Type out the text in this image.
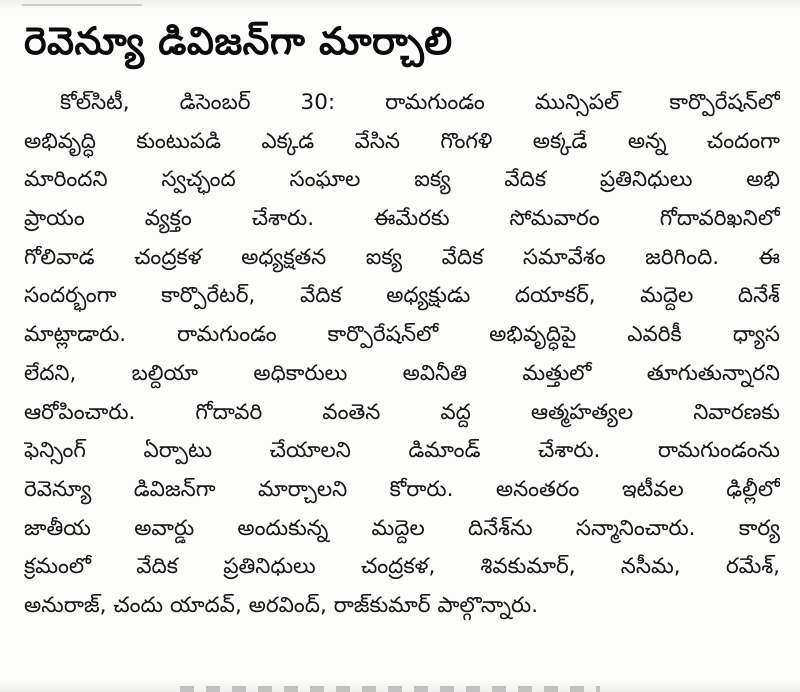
రెవెన్యూ డివిజన్‌గా మార్చాలి
కోల్‌సిటీ, డిసెంబర్ 30: రామగుండం మున్సిపల్ కార్పొరేషన్‌లో
అభివృద్ధి కుంటుపడి ఎక్కడ వేసిన గొంగళి అక్కడే అన్న చందంగా
మారిందని స్వచ్ఛంద సంఘాల ఐక్య వేదిక ప్రతినిధులు అభి
ప్రాయం వ్యక్తం చేశారు. ఈమేరకు సోమవారం గోదావరిఖనిలో
గోలివాడ చంద్రకళ అధ్యక్షతన ఐక్య వేదిక సమావేశం జరిగింది. ఈ
సందర్భంగా కార్పొరేటర్, వేదిక అధ్యక్షుడు దయాకర్, మద్దెల దినేశ్
మాట్లాడారు. రామగుండం కార్పొరేషన్‌లో అభివృద్ధిపై ఎవరికీ ధ్యాస
లేదని, బల్దియా అధికారులు అవినీతి మత్తులో తూగుతున్నారని
ఆరోపించారు. గోదావరి వంతెన వద్ద ఆత్మహత్యల నివారణకు
ఫెన్సింగ్ ఏర్పాటు చేయాలని డిమాండ్ చేశారు. రామగుండంను
రెవెన్యూ డివిజన్‌గా మార్చాలని కోరారు. అనంతరం ఇటీవల ఢిల్లీలో
జాతీయ అవార్డు అందుకున్న మద్దెల దినేశ్‌ను సన్మానించారు. కార్య
క్రమంలో వేదిక ప్రతినిధులు చంద్రకళ, శివకుమార్, నసీమ, రమేశ్,
అనురాజ్, చందు యాదవ్, అరవింద్, రాజ్‌కుమార్ పాల్గొన్నారు.
